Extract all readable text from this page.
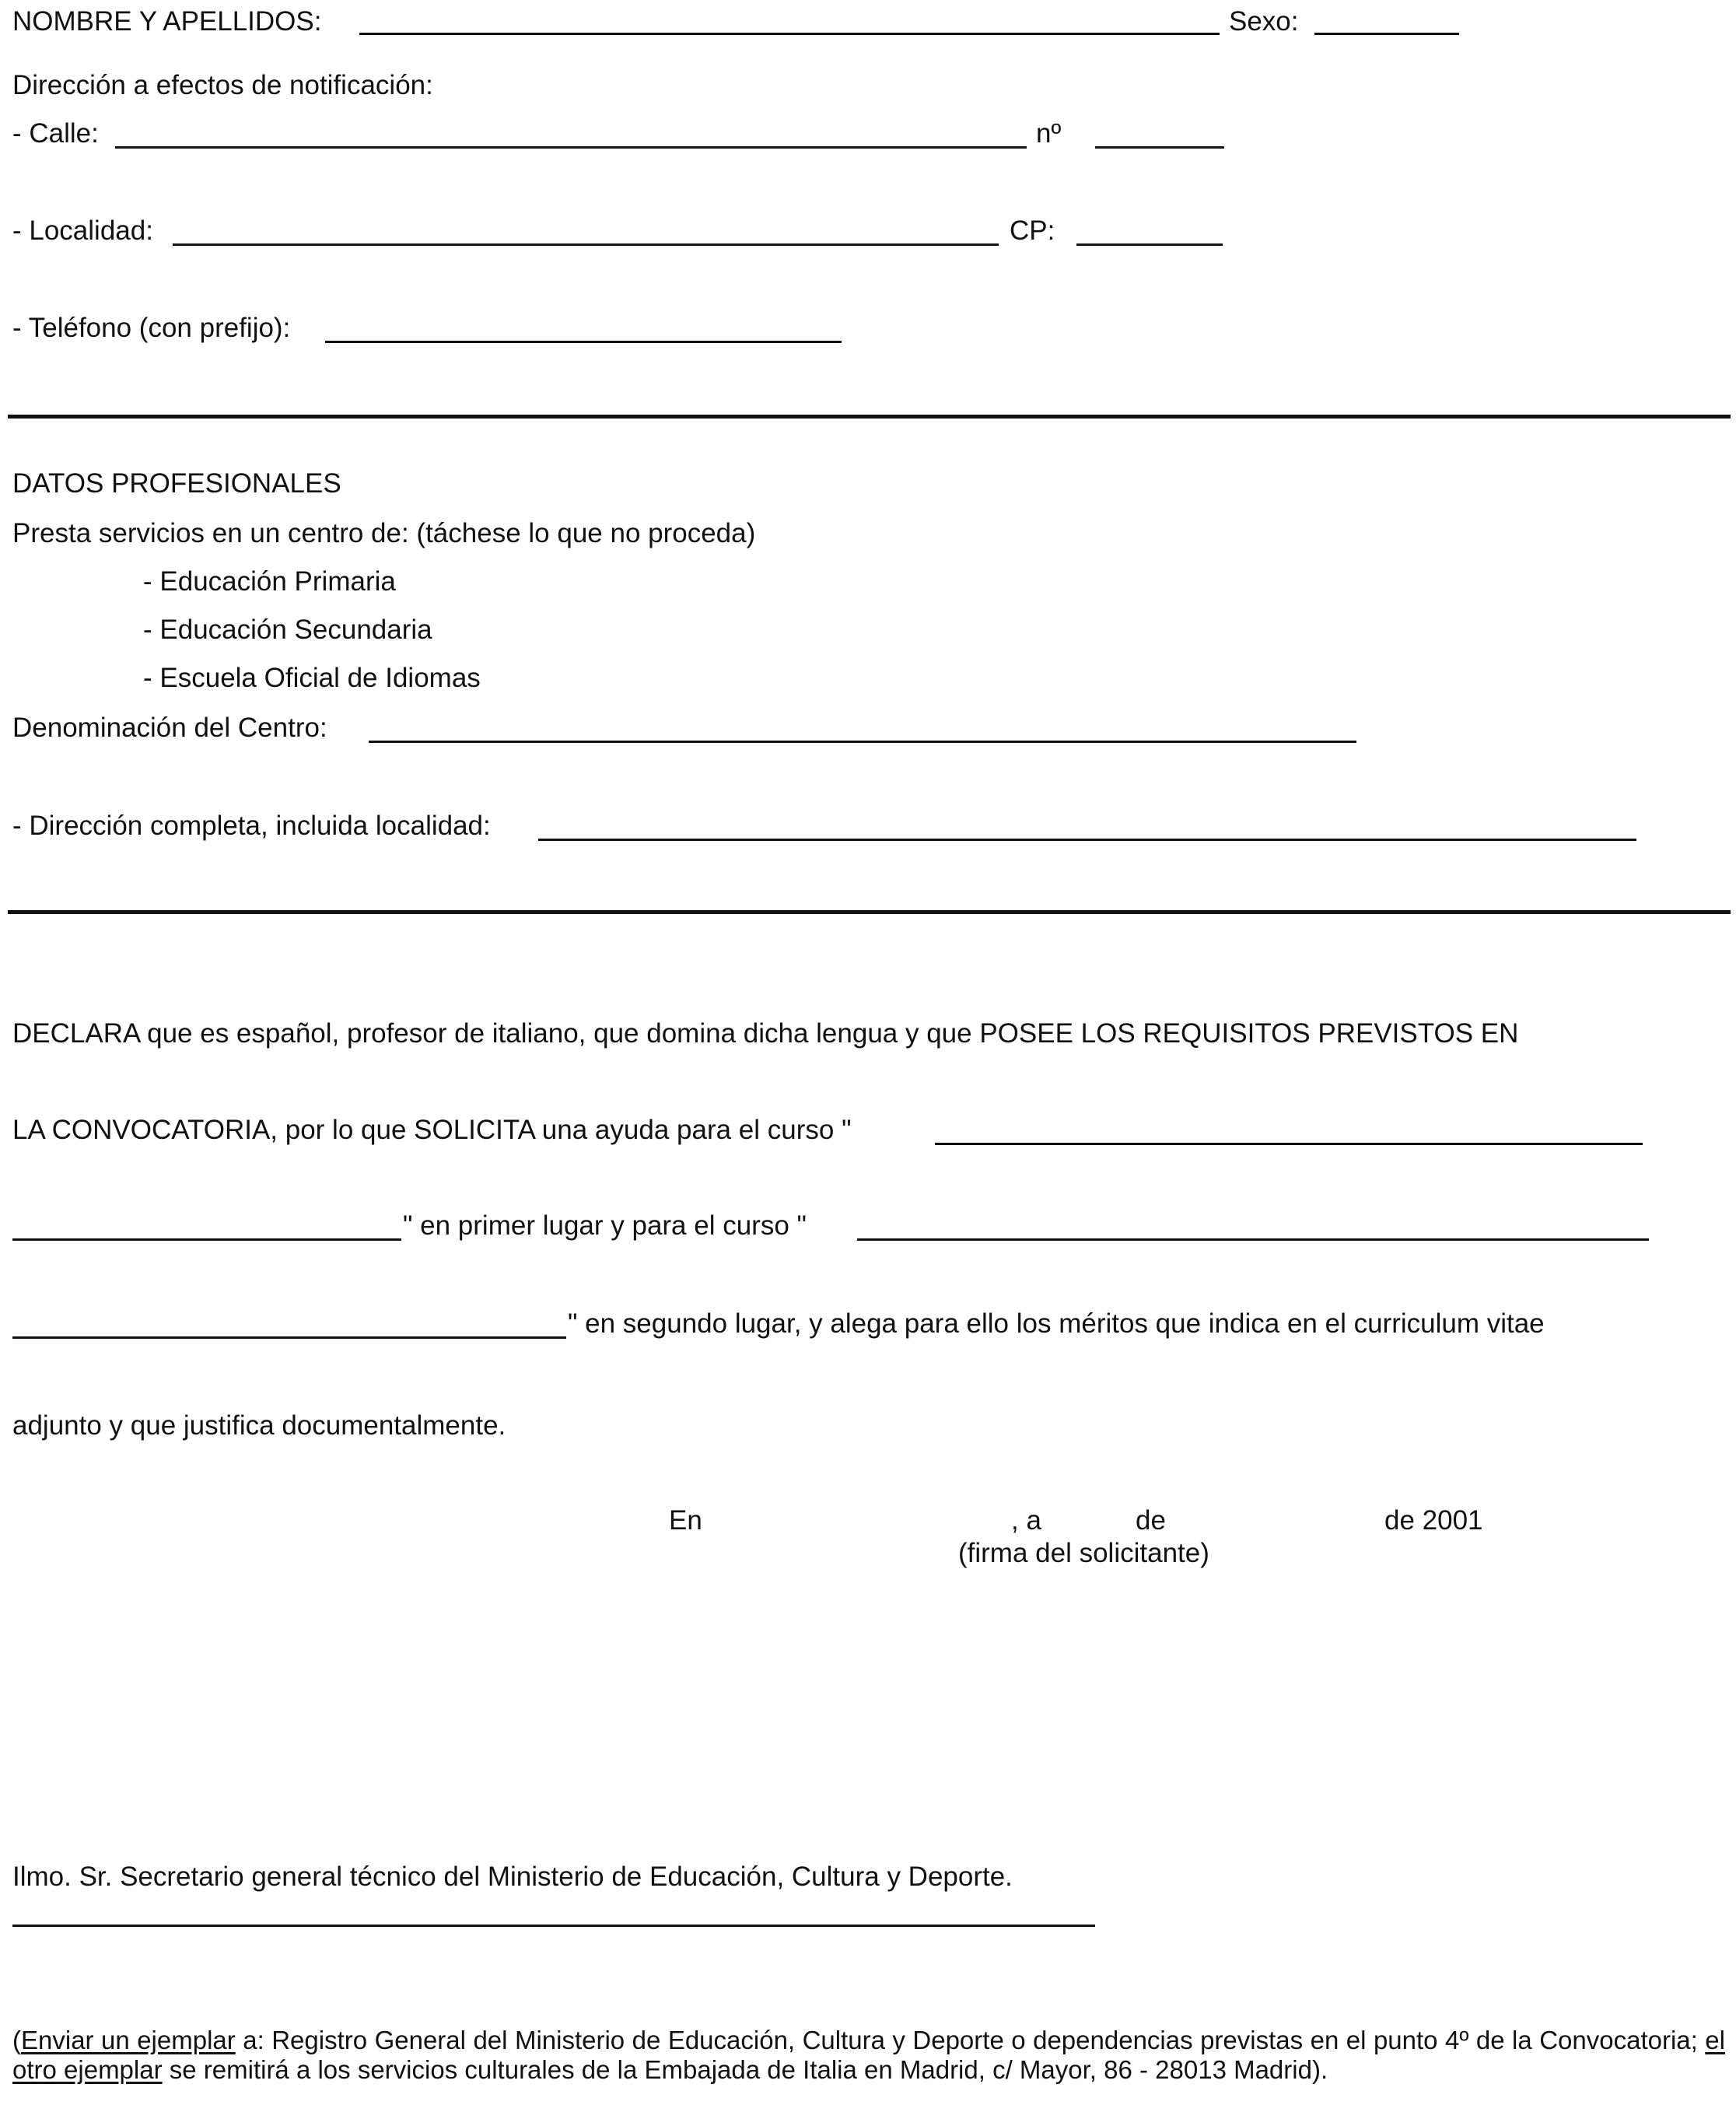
NOMBRE Y APELLIDOS:	Sexo:
Dirección a efectos de notificación:
- Calle:	nº
- Localidad:	CP:
- Teléfono (con prefijo):
DATOS PROFESIONALES
Presta servicios en un centro de: (táchese lo que no proceda)
- Educación Primaria
- Educación Secundaria
- Escuela Oficial de Idiomas
Denominación del Centro:
- Dirección completa, incluida localidad:
DECLARA que es español, profesor de italiano, que domina dicha lengua y que POSEE LOS REQUISITOS PREVISTOS EN
LA CONVOCATORIA, por lo que SOLICITA una ayuda para el curso "
" en primer lugar y para el curso "
" en segundo lugar, y alega para ello los méritos que indica en el curriculum vitae
adjunto y que justifica documentalmente.
En	, a	de	de 2001
(firma del solicitante)
Ilmo. Sr. Secretario general técnico del Ministerio de Educación, Cultura y Deporte.
(Enviar un ejemplar a: Registro General del Ministerio de Educación, Cultura y Deporte o dependencias previstas en el punto 4º de la Convocatoria; el otro ejemplar se remitirá a los servicios culturales de la Embajada de Italia en Madrid, c/ Mayor, 86 - 28013 Madrid).
